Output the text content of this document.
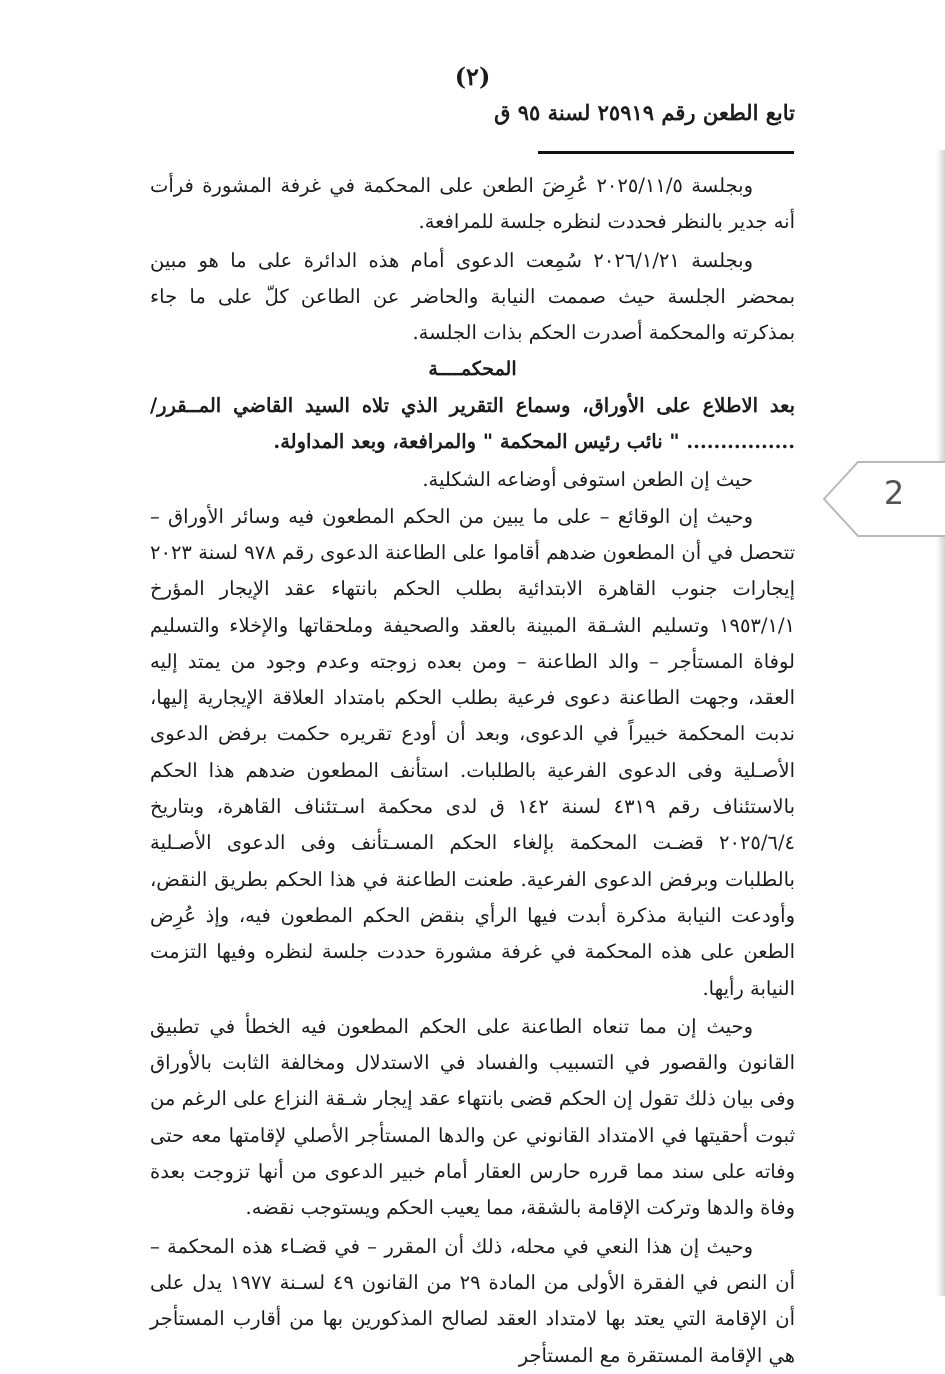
(٢)
تابع الطعن رقم ٢٥٩١٩ لسنة ٩٥ ق

وبجلسة ٢٠٢٥/١١/٥ عُرِضَ الطعن على المحكمة في غرفة المشورة فرأت أنه جدير بالنظر فحددت لنظره جلسة للمرافعة.

وبجلسة ٢٠٢٦/١/٢١ سُمِعت الدعوى أمام هذه الدائرة على ما هو مبين بمحضر الجلسة حيث صممت النيابة والحاضر عن الطاعن كلّ على ما جاء بمذكرته والمحكمة أصدرت الحكم بذات الجلسة.

المحكمــــة

بعد الاطلاع على الأوراق، وسماع التقرير الذي تلاه السيد القاضي المــقرر/ ................ " نائب رئيس المحكمة " والمرافعة، وبعد المداولة.

حيث إن الطعن استوفى أوضاعه الشكلية.

وحيث إن الوقائع – على ما يبين من الحكم المطعون فيه وسائر الأوراق – تتحصل في أن المطعون ضدهم أقاموا على الطاعنة الدعوى رقم ٩٧٨ لسنة ٢٠٢٣ إيجارات جنوب القاهرة الابتدائية بطلب الحكم بانتهاء عقد الإيجار المؤرخ ١٩٥٣/١/١ وتسليم الشـقة المبينة بالعقد والصحيفة وملحقاتها والإخلاء والتسليم لوفاة المستأجر – والد الطاعنة – ومن بعده زوجته وعدم وجود من يمتد إليه العقد، وجهت الطاعنة دعوى فرعية بطلب الحكم بامتداد العلاقة الإيجارية إليها، ندبت المحكمة خبيراً في الدعوى، وبعد أن أودع تقريره حكمت برفض الدعوى الأصـلية وفى الدعوى الفرعية بالطلبات. استأنف المطعون ضدهم هذا الحكم بالاستئناف رقم ٤٣١٩ لسنة ١٤٢ ق لدى محكمة اسـتئناف القاهرة، وبتاريخ ٢٠٢٥/٦/٤ قضـت المحكمة بإلغاء الحكم المسـتأنف وفى الدعوى الأصـلية بالطلبات وبرفض الدعوى الفرعية. طعنت الطاعنة في هذا الحكم بطريق النقض، وأودعت النيابة مذكرة أبدت فيها الرأي بنقض الحكم المطعون فيه، وإذ عُرِض الطعن على هذه المحكمة في غرفة مشورة حددت جلسة لنظره وفيها التزمت النيابة رأيها.

وحيث إن مما تنعاه الطاعنة على الحكم المطعون فيه الخطأ في تطبيق القانون والقصور في التسبيب والفساد في الاستدلال ومخالفة الثابت بالأوراق وفى بيان ذلك تقول إن الحكم قضى بانتهاء عقد إيجار شـقة النزاع على الرغم من ثبوت أحقيتها في الامتداد القانوني عن والدها المستأجر الأصلي لإقامتها معه حتى وفاته على سند مما قرره حارس العقار أمام خبير الدعوى من أنها تزوجت بعدة وفاة والدها وتركت الإقامة بالشقة، مما يعيب الحكم ويستوجب نقضه.

وحيث إن هذا النعي في محله، ذلك أن المقرر – في قضـاء هذه المحكمة – أن النص في الفقرة الأولى من المادة ٢٩ من القانون ٤٩ لسـنة ١٩٧٧ يدل على أن الإقامة التي يعتد بها لامتداد العقد لصالح المذكورين بها من أقارب المستأجر هي الإقامة المستقرة مع المستأجر

2
